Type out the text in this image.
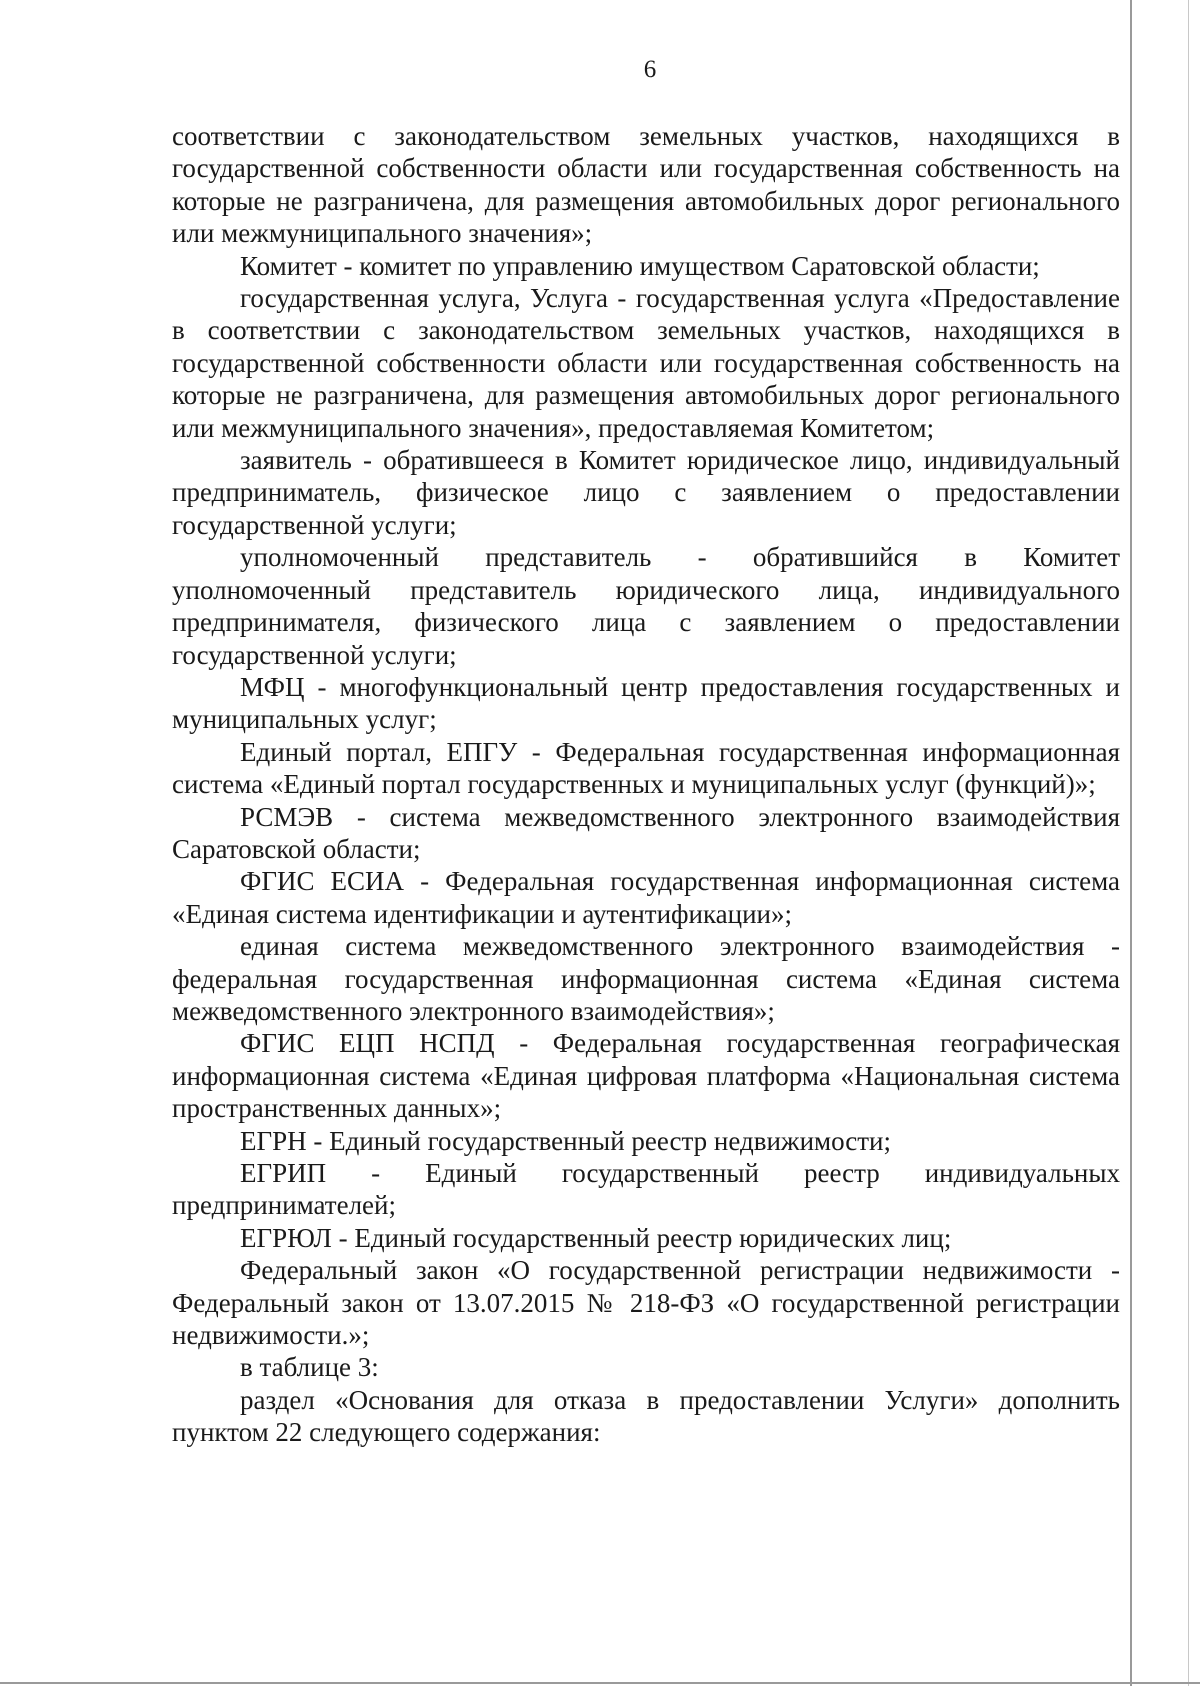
6

соответствии с законодательством земельных участков, находящихся в государственной собственности области или государственная собственность на которые не разграничена, для размещения автомобильных дорог регионального или межмуниципального значения»;

Комитет - комитет по управлению имуществом Саратовской области;

государственная услуга, Услуга - государственная услуга «Предоставление в соответствии с законодательством земельных участков, находящихся в государственной собственности области или государственная собственность на которые не разграничена, для размещения автомобильных дорог регионального или межмуниципального значения», предоставляемая Комитетом;

заявитель - обратившееся в Комитет юридическое лицо, индивидуальный предприниматель, физическое лицо с заявлением о предоставлении государственной услуги;

уполномоченный представитель - обратившийся в Комитет уполномоченный представитель юридического лица, индивидуального предпринимателя, физического лица с заявлением о предоставлении государственной услуги;

МФЦ - многофункциональный центр предоставления государственных и муниципальных услуг;

Единый портал, ЕПГУ - Федеральная государственная информационная система «Единый портал государственных и муниципальных услуг (функций)»;

РСМЭВ - система межведомственного электронного взаимодействия Саратовской области;

ФГИС ЕСИА - Федеральная государственная информационная система «Единая система идентификации и аутентификации»;

единая система межведомственного электронного взаимодействия - федеральная государственная информационная система «Единая система межведомственного электронного взаимодействия»;

ФГИС ЕЦП НСПД - Федеральная государственная географическая информационная система «Единая цифровая платформа «Национальная система пространственных данных»;

ЕГРН - Единый государственный реестр недвижимости;

ЕГРИП - Единый государственный реестр индивидуальных предпринимателей;

ЕГРЮЛ - Единый государственный реестр юридических лиц;

Федеральный закон «О государственной регистрации недвижимости - Федеральный закон от 13.07.2015 № 218-ФЗ «О государственной регистрации недвижимости.»;

в таблице 3:

раздел «Основания для отказа в предоставлении Услуги» дополнить пунктом 22 следующего содержания:
